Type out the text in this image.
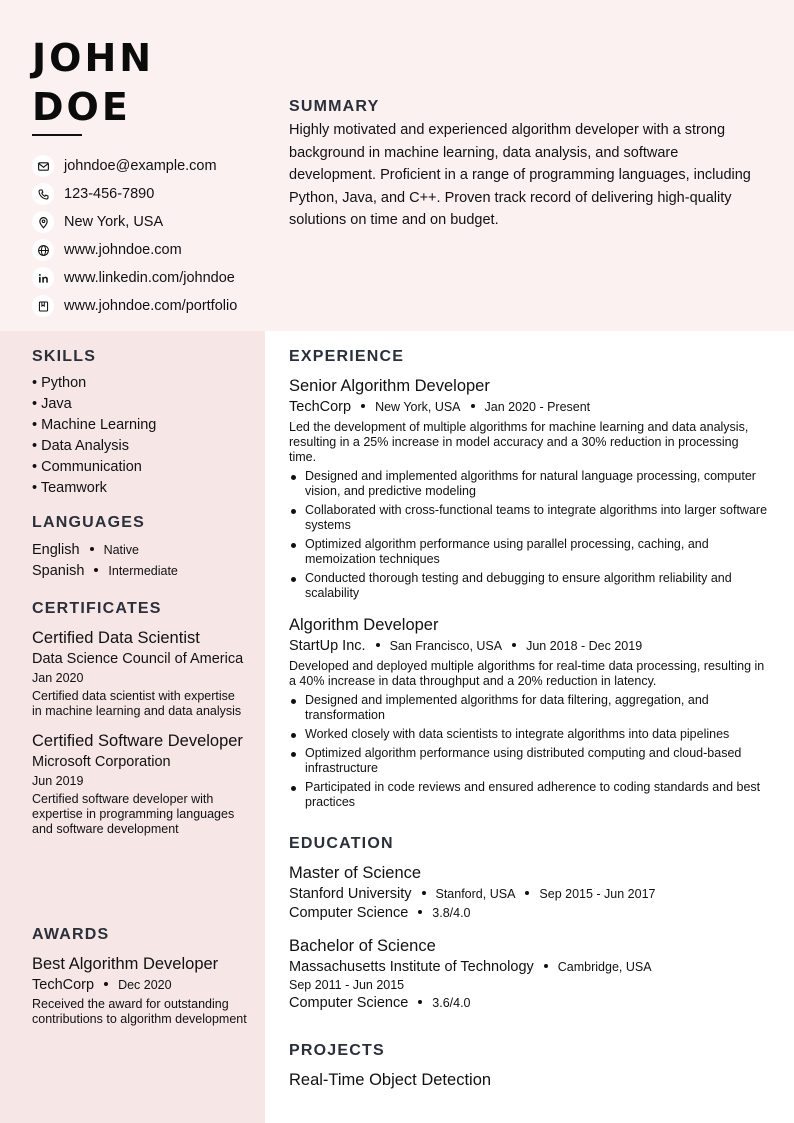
JOHN
DOE
johndoe@example.com
123-456-7890
New York, USA
www.johndoe.com
www.linkedin.com/johndoe
www.johndoe.com/portfolio
SUMMARY

Highly motivated and experienced algorithm developer with a strong background in machine learning, data analysis, and software development. Proficient in a range of programming languages, including Python, Java, and C++. Proven track record of delivering high-quality solutions on time and on budget.

SKILLS
• Python
• Java
• Machine Learning
• Data Analysis
• Communication
• Teamwork
LANGUAGES
English Native
Spanish Intermediate
CERTIFICATES
Certified Data Scientist
Data Science Council of America
Jan 2020
Certified data scientist with expertise in machine learning and data analysis
Certified Software Developer
Microsoft Corporation
Jun 2019
Certified software developer with expertise in programming languages and software development
AWARDS
Best Algorithm Developer
TechCorp Dec 2020
Received the award for outstanding contributions to algorithm development
EXPERIENCE
Senior Algorithm Developer
TechCorp New York, USA Jan 2020 - Present
Led the development of multiple algorithms for machine learning and data analysis, resulting in a 25% increase in model accuracy and a 30% reduction in processing time.
Designed and implemented algorithms for natural language processing, computer vision, and predictive modeling
Collaborated with cross-functional teams to integrate algorithms into larger software systems
Optimized algorithm performance using parallel processing, caching, and memoization techniques
Conducted thorough testing and debugging to ensure algorithm reliability and scalability
Algorithm Developer
StartUp Inc. San Francisco, USA Jun 2018 - Dec 2019
Developed and deployed multiple algorithms for real-time data processing, resulting in a 40% increase in data throughput and a 20% reduction in latency.
Designed and implemented algorithms for data filtering, aggregation, and transformation
Worked closely with data scientists to integrate algorithms into data pipelines
Optimized algorithm performance using distributed computing and cloud-based infrastructure
Participated in code reviews and ensured adherence to coding standards and best practices
EDUCATION
Master of Science
Stanford University Stanford, USA Sep 2015 - Jun 2017
Computer Science 3.8/4.0
Bachelor of Science
Massachusetts Institute of Technology Cambridge, USA
Sep 2011 - Jun 2015
Computer Science 3.6/4.0
PROJECTS
Real-Time Object Detection
